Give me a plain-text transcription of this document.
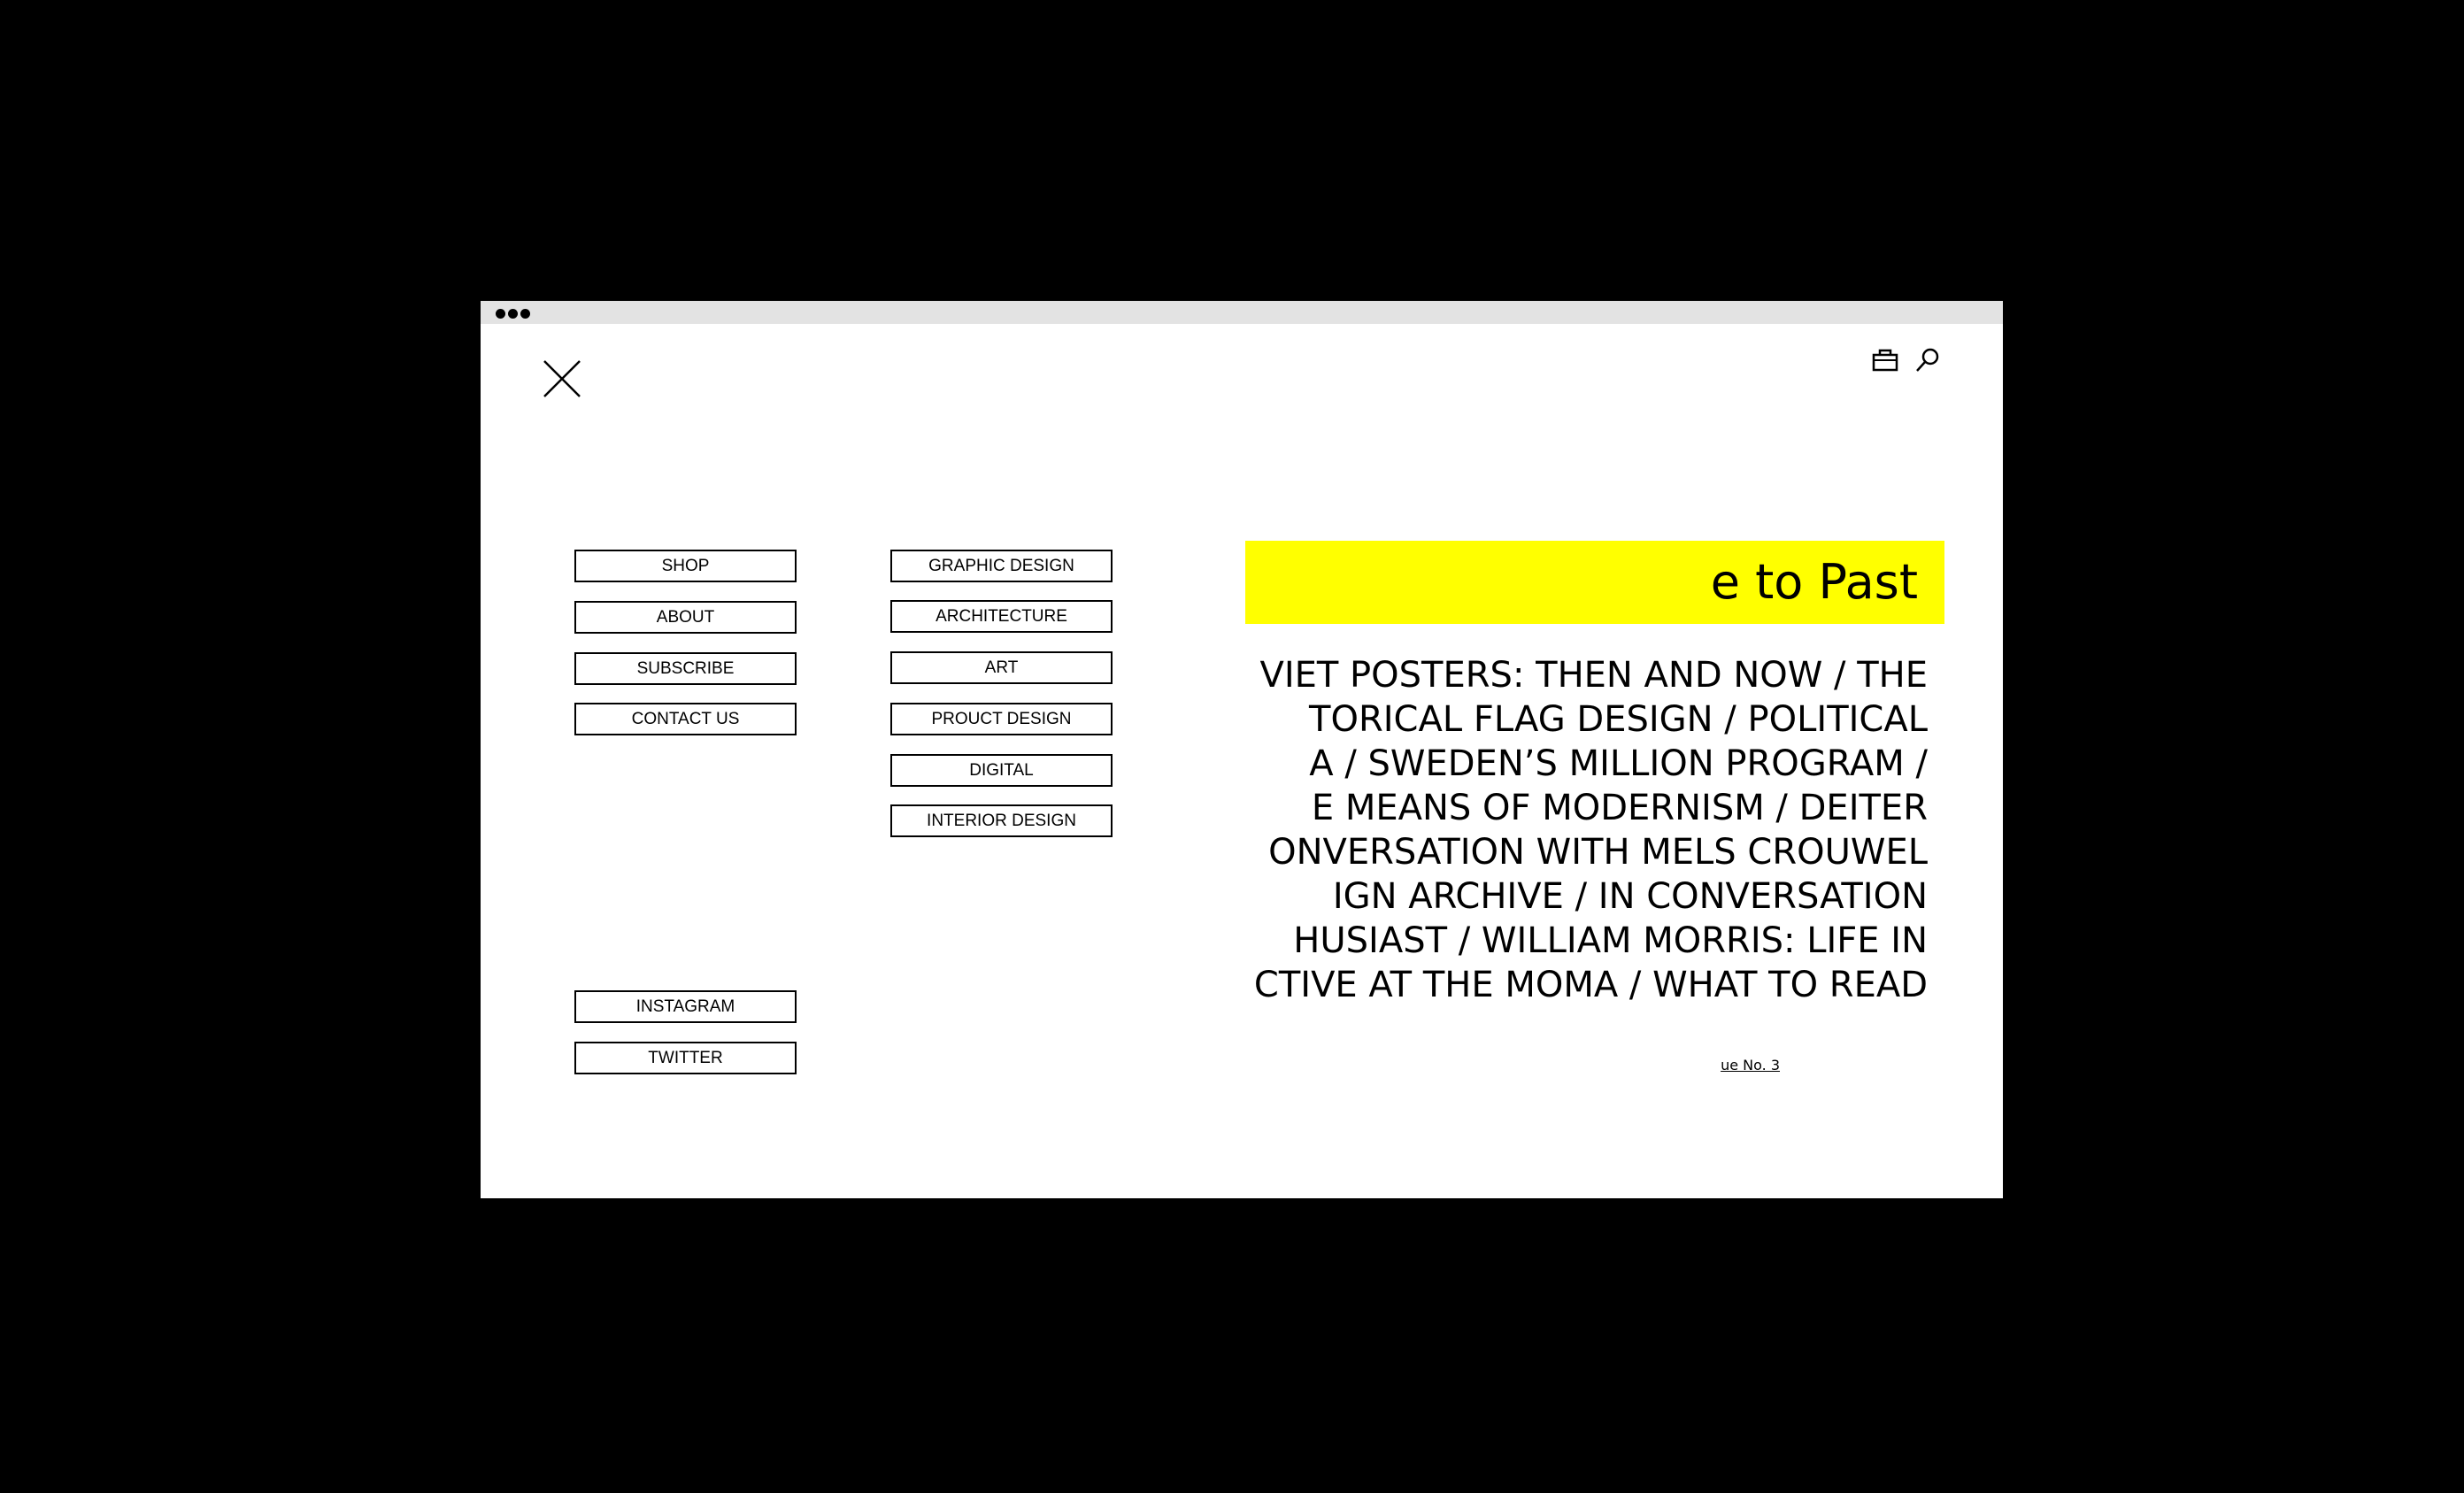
e to Past
VIET POSTERS: THEN AND NOW / THE
TORICAL FLAG DESIGN / POLITICAL
A / SWEDEN’S MILLION PROGRAM /
E MEANS OF MODERNISM / DEITER
ONVERSATION WITH MELS CROUWEL
IGN ARCHIVE / IN CONVERSATION
HUSIAST / WILLIAM MORRIS: LIFE IN
CTIVE AT THE MOMA / WHAT TO READ
ue No. 3
SHOP
ABOUT
SUBSCRIBE
CONTACT US
GRAPHIC DESIGN
ARCHITECTURE
ART
PROUCT DESIGN
DIGITAL
INTERIOR DESIGN
INSTAGRAM
TWITTER
